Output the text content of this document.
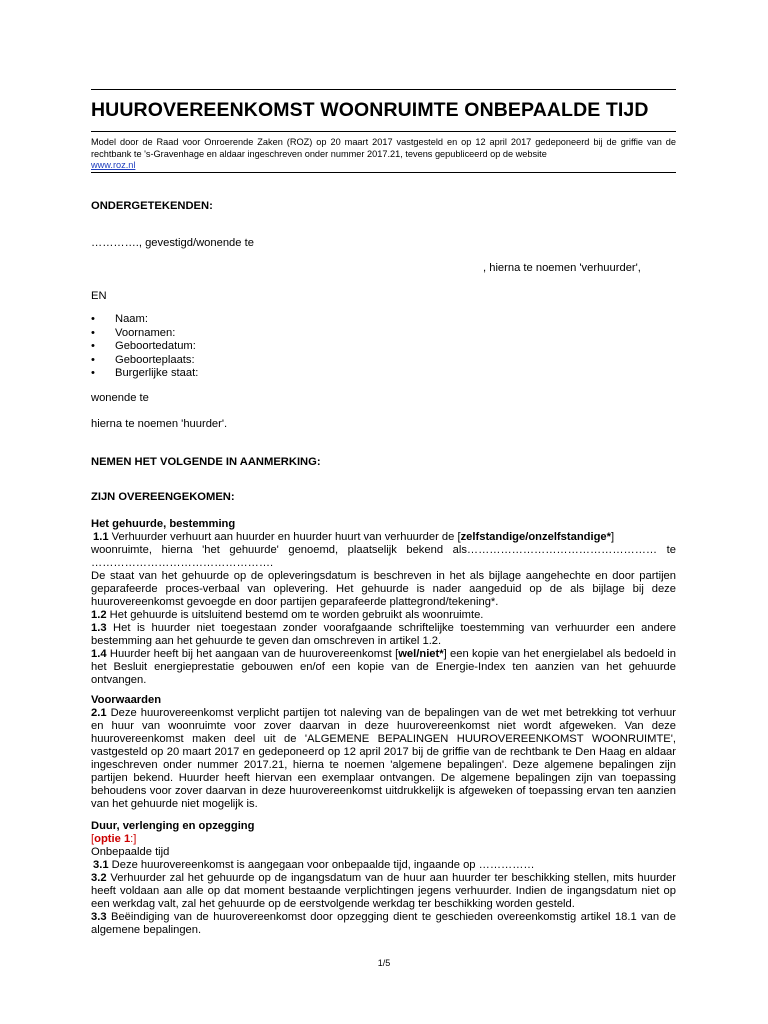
HUUROVEREENKOMST WOONRUIMTE ONBEPAALDE TIJD
Model door de Raad voor Onroerende Zaken (ROZ) op 20 maart 2017 vastgesteld en op 12 april 2017 gedeponeerd bij de griffie van de rechtbank te 's-Gravenhage en aldaar ingeschreven onder nummer 2017.21, tevens gepubliceerd op de website
www.roz.nl
ONDERGETEKENDEN:
…………., gevestigd/wonende te
, hierna te noemen 'verhuurder',
EN
• Naam:
• Voornamen:
• Geboortedatum:
• Geboorteplaats:
• Burgerlijke staat:
wonende te
hierna te noemen 'huurder'.
NEMEN HET VOLGENDE IN AANMERKING:
ZIJN OVEREENGEKOMEN:

Het gehuurde, bestemming

1.1 Verhuurder verhuurt aan huurder en huurder huurt van verhuurder de [zelfstandige/onzelfstandige*]

woonruimte, hierna 'het gehuurde' genoemd, plaatselijk bekend als…………………………………………… te

………………………………………….

De staat van het gehuurde op de opleveringsdatum is beschreven in het als bijlage aangehechte en door partijen geparafeerde proces-verbaal van oplevering. Het gehuurde is nader aangeduid op de als bijlage bij deze huurovereenkomst gevoegde en door partijen geparafeerde plattegrond/tekening*.

1.2 Het gehuurde is uitsluitend bestemd om te worden gebruikt als woonruimte.

1.3 Het is huurder niet toegestaan zonder voorafgaande schriftelijke toestemming van verhuurder een andere bestemming aan het gehuurde te geven dan omschreven in artikel 1.2.

1.4 Huurder heeft bij het aangaan van de huurovereenkomst [wel/niet*] een kopie van het energielabel als bedoeld in het Besluit energieprestatie gebouwen en/of een kopie van de Energie-Index ten aanzien van het gehuurde ontvangen.

Voorwaarden

2.1 Deze huurovereenkomst verplicht partijen tot naleving van de bepalingen van de wet met betrekking tot verhuur en huur van woonruimte voor zover daarvan in deze huurovereenkomst niet wordt afgeweken. Van deze huurovereenkomst maken deel uit de 'ALGEMENE BEPALINGEN HUUROVEREENKOMST WOONRUIMTE', vastgesteld op 20 maart 2017 en gedeponeerd op 12 april 2017 bij de griffie van de rechtbank te Den Haag en aldaar ingeschreven onder nummer 2017.21, hierna te noemen 'algemene bepalingen'. Deze algemene bepalingen zijn partijen bekend. Huurder heeft hiervan een exemplaar ontvangen. De algemene bepalingen zijn van toepassing behoudens voor zover daarvan in deze huurovereenkomst uitdrukkelijk is afgeweken of toepassing ervan ten aanzien van het gehuurde niet mogelijk is.

Duur, verlenging en opzegging

[optie 1:]

Onbepaalde tijd

3.1 Deze huurovereenkomst is aangegaan voor onbepaalde tijd, ingaande op ……………

3.2 Verhuurder zal het gehuurde op de ingangsdatum van de huur aan huurder ter beschikking stellen, mits huurder heeft voldaan aan alle op dat moment bestaande verplichtingen jegens verhuurder. Indien de ingangsdatum niet op een werkdag valt, zal het gehuurde op de eerstvolgende werkdag ter beschikking worden gesteld.

3.3 Beëindiging van de huurovereenkomst door opzegging dient te geschieden overeenkomstig artikel 18.1 van de algemene bepalingen.

1/5
